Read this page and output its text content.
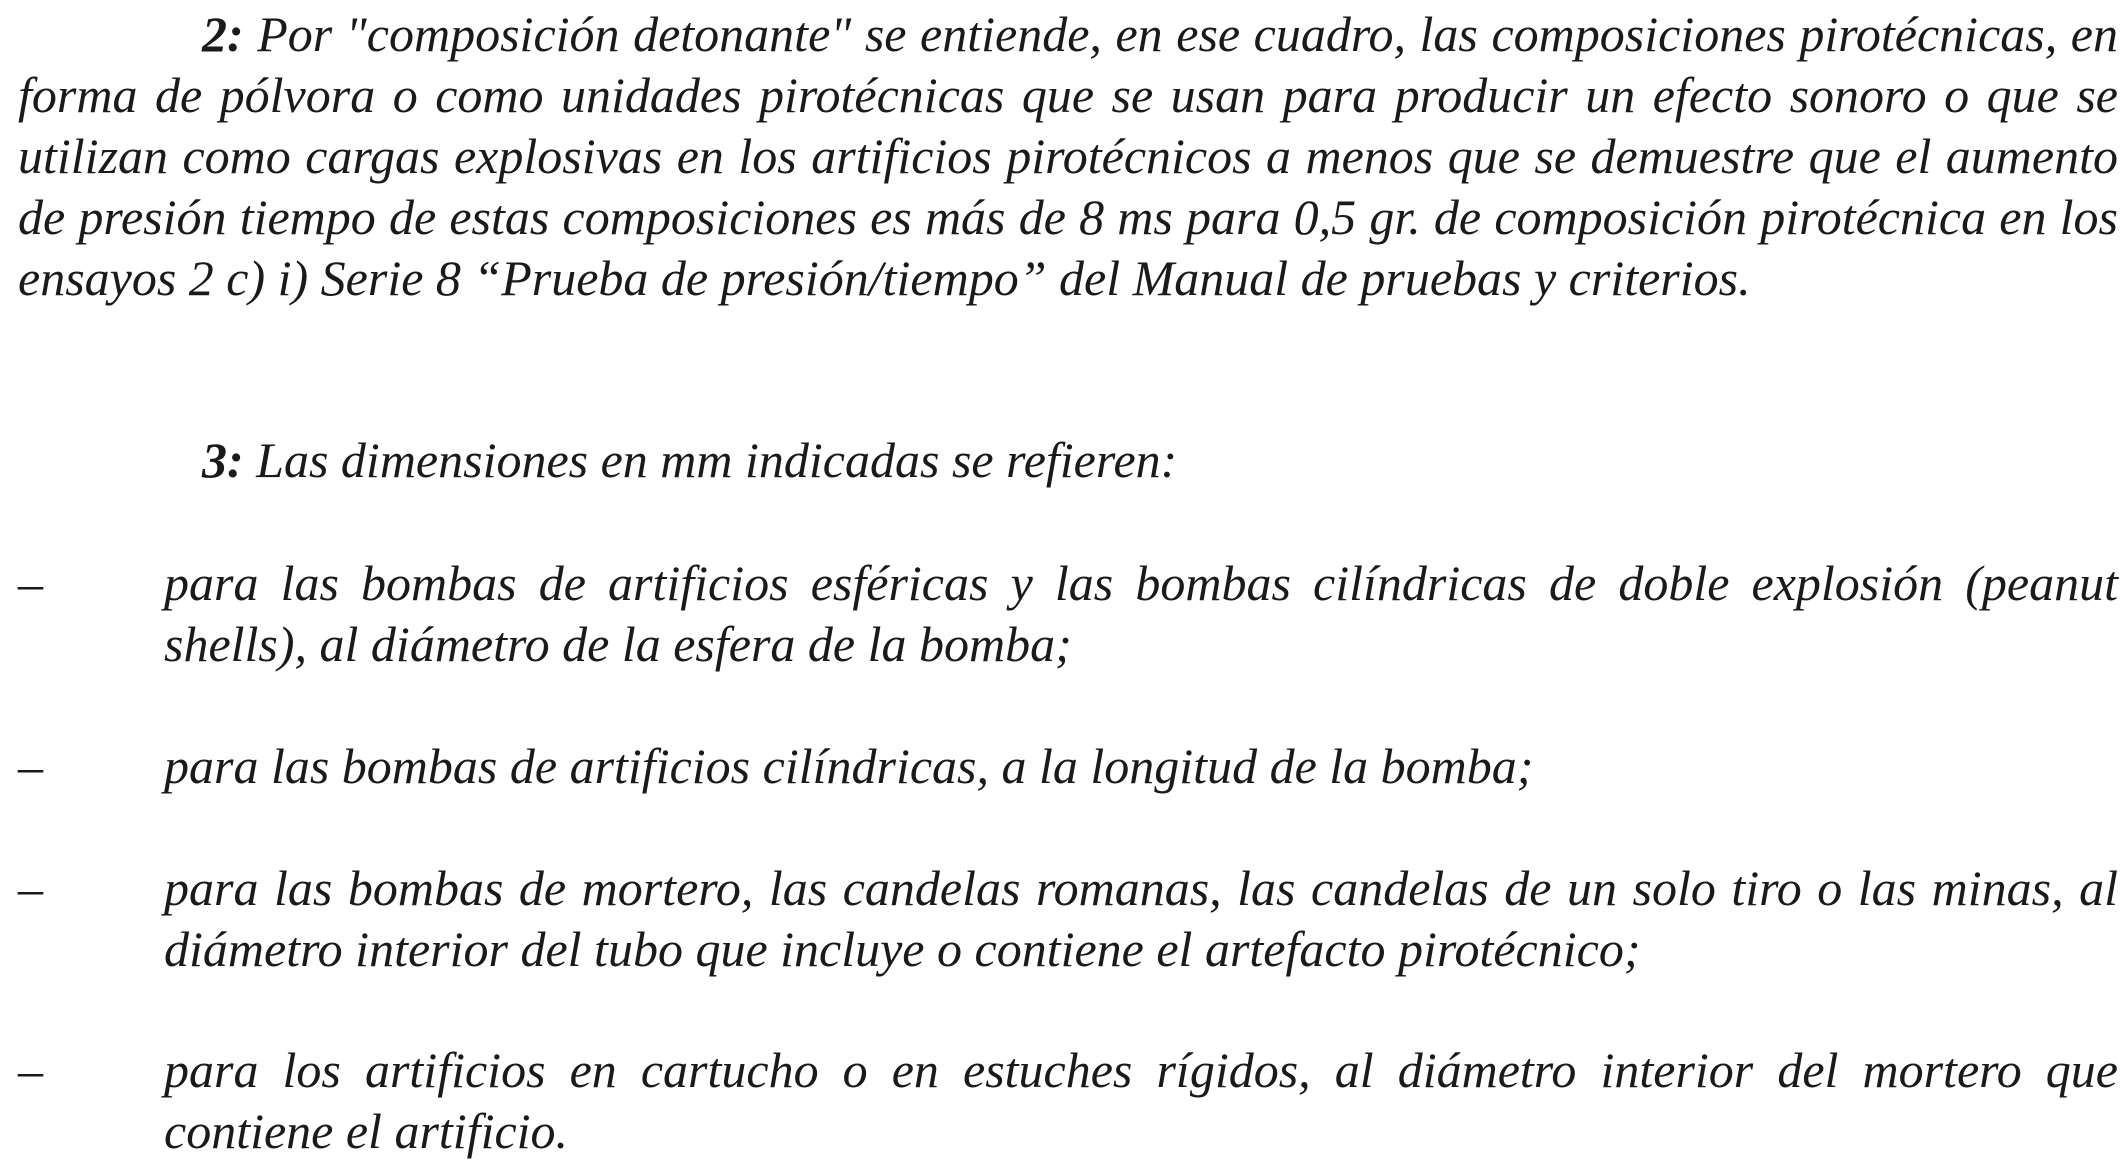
2: Por "composición detonante" se entiende, en ese cuadro, las composiciones pirotécnicas, en forma de pólvora o como unidades pirotécnicas que se usan para producir un efecto sonoro o que se utilizan como cargas explosivas en los artificios pirotécnicos a menos que se demuestre que el aumento de presión tiempo de estas composiciones es más de 8 ms para 0,5 gr. de composición pirotécnica en los ensayos 2 c) i) Serie 8 “Prueba de presión/tiempo” del Manual de pruebas y criterios.

3: Las dimensiones en mm indicadas se refieren:

–	para las bombas de artificios esféricas y las bombas cilíndricas de doble explosión (peanut shells), al diámetro de la esfera de la bomba;
–	para las bombas de artificios cilíndricas, a la longitud de la bomba;
–	para las bombas de mortero, las candelas romanas, las candelas de un solo tiro o las minas, al diámetro interior del tubo que incluye o contiene el artefacto pirotécnico;
–	para los artificios en cartucho o en estuches rígidos, al diámetro interior del mortero que contiene el artificio.
